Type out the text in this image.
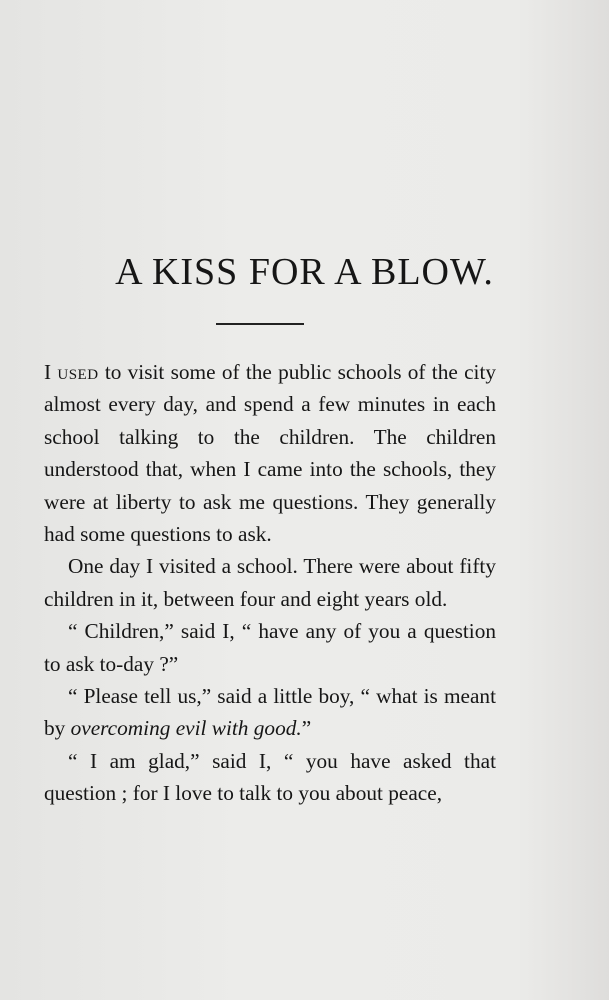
A KISS FOR A BLOW.

I used to visit some of the public schools of the city almost every day, and spend a few minutes in each school talking to the children. The children understood that, when I came into the schools, they were at liberty to ask me questions. They generally had some questions to ask.

One day I visited a school. There were about fifty children in it, between four and eight years old.

“ Children,” said I, “ have any of you a question to ask to-day ?”

“ Please tell us,” said a little boy, “ what is meant by overcoming evil with good.”

“ I am glad,” said I, “ you have asked that question ; for I love to talk to you about peace,
